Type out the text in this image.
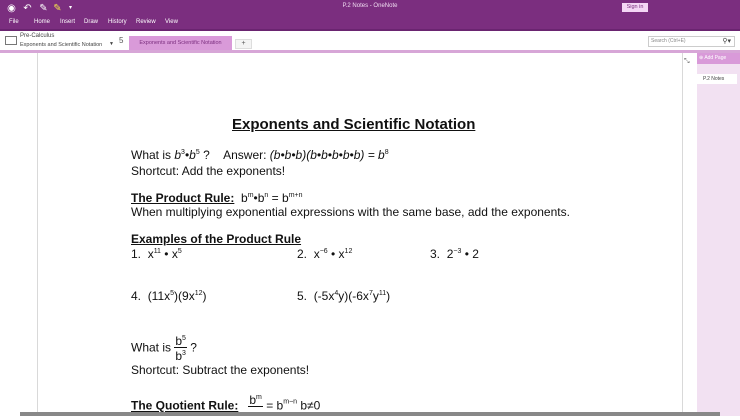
◉ ↶ ✎ ✎	▾	P.2 Notes - OneNote	Sign in
File	Home Insert Draw History Review View
Pre-Calculus
Exponents and Scientific Notation ▼ 5	Exponents and Scientific Notation	+	Search (Ctrl+E)	⚲▾
⤡	⊕ Add Page
P.2 Notes
Exponents and Scientific Notation
What is $b^3•b^5$ ? Answer: (b•b•b)(b•b•b•b•b) = $b^8$
Shortcut: Add the exponents!
The Product Rule: $b^m•b^n = b^{m+n}$
When multiplying exponential expressions with the same base, add the exponents.
Examples of the Product Rule
1. $x^{11}$ • $x^5$	2. $x^{-6}$ • $x^{12}$	3. $2^{-3}$ • 2
4. $(11x^5)(9x^{12})$	5. $(-5x^4y)(-6x^7y^{11})$
What is $\frac{b^5}{b^3}$ ?
Shortcut: Subtract the exponents!
The Quotient Rule: $b^m$

= $b^{m-n}$ b≠0
